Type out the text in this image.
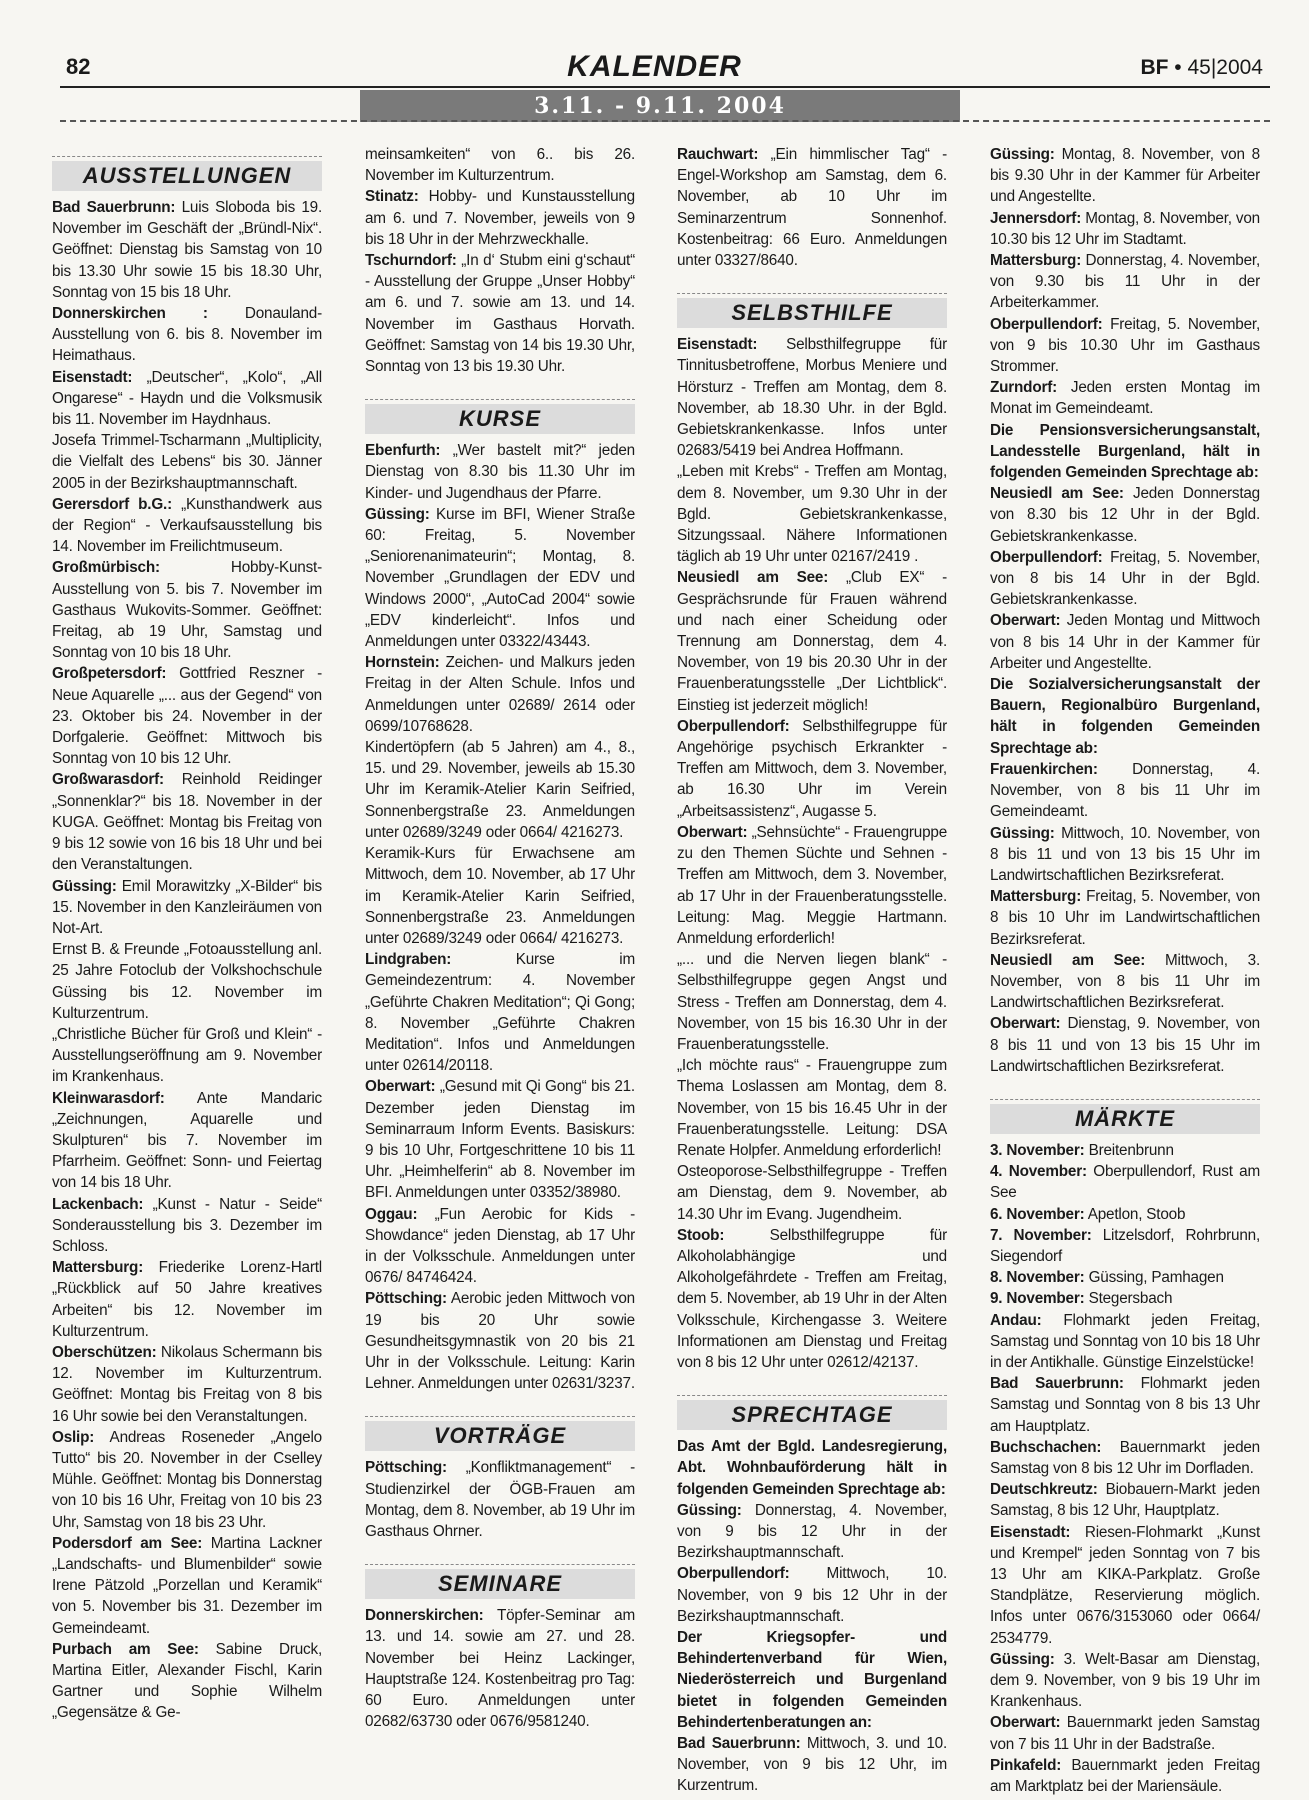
82	KALENDER	BF • 45|2004
3.11. - 9.11. 2004
AUSSTELLUNGEN

Bad Sauerbrunn: Luis Sloboda bis 19. November im Geschäft der „Bründl-Nix“. Geöffnet: Dienstag bis Samstag von 10 bis 13.30 Uhr sowie 15 bis 18.30 Uhr, Sonntag von 15 bis 18 Uhr.

Donnerskirchen : Donauland-Ausstellung von 6. bis 8. November im Heimathaus.

Eisenstadt: „Deutscher“, „Kolo“, „All Ongarese“ - Haydn und die Volksmusik bis 11. November im Haydnhaus.

Josefa Trimmel-Tscharmann „Multiplicity, die Vielfalt des Lebens“ bis 30. Jänner 2005 in der Bezirkshauptmannschaft.

Gerersdorf b.G.: „Kunsthandwerk aus der Region“ - Verkaufsausstellung bis 14. November im Freilichtmuseum.

Großmürbisch: Hobby-Kunst-Ausstellung von 5. bis 7. November im Gasthaus Wukovits-Sommer. Geöffnet: Freitag, ab 19 Uhr, Samstag und Sonntag von 10 bis 18 Uhr.

Großpetersdorf: Gottfried Reszner - Neue Aquarelle „... aus der Gegend“ von 23. Oktober bis 24. November in der Dorfgalerie. Geöffnet: Mittwoch bis Sonntag von 10 bis 12 Uhr.

Großwarasdorf: Reinhold Reidinger „Sonnenklar?“ bis 18. November in der KUGA. Geöffnet: Montag bis Freitag von 9 bis 12 sowie von 16 bis 18 Uhr und bei den Veranstaltungen.

Güssing: Emil Morawitzky „X-Bilder“ bis 15. November in den Kanzleiräumen von Not-Art.

Ernst B. & Freunde „Fotoausstellung anl. 25 Jahre Fotoclub der Volkshochschule Güssing bis 12. November im Kulturzentrum.

„Christliche Bücher für Groß und Klein“ - Ausstellungseröffnung am 9. November im Krankenhaus.

Kleinwarasdorf: Ante Mandaric „Zeichnungen, Aquarelle und Skulpturen“ bis 7. November im Pfarrheim. Geöffnet: Sonn- und Feiertag von 14 bis 18 Uhr.

Lackenbach: „Kunst - Natur - Seide“ Sonderausstellung bis 3. Dezember im Schloss.

Mattersburg: Friederike Lorenz-Hartl „Rückblick auf 50 Jahre kreatives Arbeiten“ bis 12. November im Kulturzentrum.

Oberschützen: Nikolaus Schermann bis 12. November im Kulturzentrum. Geöffnet: Montag bis Freitag von 8 bis 16 Uhr sowie bei den Veranstaltungen.

Oslip: Andreas Roseneder „Angelo Tutto“ bis 20. November in der Cselley Mühle. Geöffnet: Montag bis Donnerstag von 10 bis 16 Uhr, Freitag von 10 bis 23 Uhr, Samstag von 18 bis 23 Uhr.

Podersdorf am See: Martina Lackner „Landschafts- und Blumenbilder“ sowie Irene Pätzold „Porzellan und Keramik“ von 5. November bis 31. Dezember im Gemeindeamt.

Purbach am See: Sabine Druck, Martina Eitler, Alexander Fischl, Karin Gartner und Sophie Wilhelm „Gegensätze & Ge-

meinsamkeiten“ von 6.. bis 26. November im Kulturzentrum.

Stinatz: Hobby- und Kunstausstellung am 6. und 7. November, jeweils von 9 bis 18 Uhr in der Mehrzweckhalle.

Tschurndorf: „In d‘ Stubm eini g‘schaut“ - Ausstellung der Gruppe „Unser Hobby“ am 6. und 7. sowie am 13. und 14. November im Gasthaus Horvath. Geöffnet: Samstag von 14 bis 19.30 Uhr, Sonntag von 13 bis 19.30 Uhr.

KURSE

Ebenfurth: „Wer bastelt mit?“ jeden Dienstag von 8.30 bis 11.30 Uhr im Kinder- und Jugendhaus der Pfarre.

Güssing: Kurse im BFI, Wiener Straße 60: Freitag, 5. November „Seniorenanimateurin“; Montag, 8. November „Grundlagen der EDV und Windows 2000“, „AutoCad 2004“ sowie „EDV kinderleicht“. Infos und Anmeldungen unter 03322/43443.

Hornstein: Zeichen- und Malkurs jeden Freitag in der Alten Schule. Infos und Anmeldungen unter 02689/ 2614 oder 0699/10768628.

Kindertöpfern (ab 5 Jahren) am 4., 8., 15. und 29. November, jeweils ab 15.30 Uhr im Keramik-Atelier Karin Seifried, Sonnenbergstraße 23. Anmeldungen unter 02689/3249 oder 0664/ 4216273.

Keramik-Kurs für Erwachsene am Mittwoch, dem 10. November, ab 17 Uhr im Keramik-Atelier Karin Seifried, Sonnenbergstraße 23. Anmeldungen unter 02689/3249 oder 0664/ 4216273.

Lindgraben: Kurse im Gemeindezentrum: 4. November „Geführte Chakren Meditation“; Qi Gong; 8. November „Geführte Chakren Meditation“. Infos und Anmeldungen unter 02614/20118.

Oberwart: „Gesund mit Qi Gong“ bis 21. Dezember jeden Dienstag im Seminarraum Inform Events. Basiskurs: 9 bis 10 Uhr, Fortgeschrittene 10 bis 11 Uhr. „Heimhelferin“ ab 8. November im BFI. Anmeldungen unter 03352/38980.

Oggau: „Fun Aerobic for Kids - Showdance“ jeden Dienstag, ab 17 Uhr in der Volksschule. Anmeldungen unter 0676/ 84746424.

Pöttsching: Aerobic jeden Mittwoch von 19 bis 20 Uhr sowie Gesundheitsgymnastik von 20 bis 21 Uhr in der Volksschule. Leitung: Karin Lehner. Anmeldungen unter 02631/3237.

VORTRÄGE

Pöttsching: „Konfliktmanagement“ - Studienzirkel der ÖGB-Frauen am Montag, dem 8. November, ab 19 Uhr im Gasthaus Ohrner.

SEMINARE

Donnerskirchen: Töpfer-Seminar am 13. und 14. sowie am 27. und 28. November bei Heinz Lackinger, Hauptstraße 124. Kostenbeitrag pro Tag: 60 Euro. Anmeldungen unter 02682/63730 oder 0676/9581240.

Rauchwart: „Ein himmlischer Tag“ - Engel-Workshop am Samstag, dem 6. November, ab 10 Uhr im Seminarzentrum Sonnenhof. Kostenbeitrag: 66 Euro. Anmeldungen unter 03327/8640.

SELBSTHILFE

Eisenstadt: Selbsthilfegruppe für Tinnitusbetroffene, Morbus Meniere und Hörsturz - Treffen am Montag, dem 8. November, ab 18.30 Uhr. in der Bgld. Gebietskrankenkasse. Infos unter 02683/5419 bei Andrea Hoffmann.

„Leben mit Krebs“ - Treffen am Montag, dem 8. November, um 9.30 Uhr in der Bgld. Gebietskrankenkasse, Sitzungssaal. Nähere Informationen täglich ab 19 Uhr unter 02167/2419 .

Neusiedl am See: „Club EX“ - Gesprächsrunde für Frauen während und nach einer Scheidung oder Trennung am Donnerstag, dem 4. November, von 19 bis 20.30 Uhr in der Frauenberatungsstelle „Der Lichtblick“. Einstieg ist jederzeit möglich!

Oberpullendorf: Selbsthilfegruppe für Angehörige psychisch Erkrankter - Treffen am Mittwoch, dem 3. November, ab 16.30 Uhr im Verein „Arbeitsassistenz“, Augasse 5.

Oberwart: „Sehnsüchte“ - Frauengruppe zu den Themen Süchte und Sehnen - Treffen am Mittwoch, dem 3. November, ab 17 Uhr in der Frauenberatungsstelle. Leitung: Mag. Meggie Hartmann. Anmeldung erforderlich!

„... und die Nerven liegen blank“ - Selbsthilfegruppe gegen Angst und Stress - Treffen am Donnerstag, dem 4. November, von 15 bis 16.30 Uhr in der Frauenberatungsstelle.

„Ich möchte raus“ - Frauengruppe zum Thema Loslassen am Montag, dem 8. November, von 15 bis 16.45 Uhr in der Frauenberatungsstelle. Leitung: DSA Renate Holpfer. Anmeldung erforderlich!

Osteoporose-Selbsthilfegruppe - Treffen am Dienstag, dem 9. November, ab 14.30 Uhr im Evang. Jugendheim.

Stoob: Selbsthilfegruppe für Alkoholabhängige und Alkoholgefährdete - Treffen am Freitag, dem 5. November, ab 19 Uhr in der Alten Volksschule, Kirchengasse 3. Weitere Informationen am Dienstag und Freitag von 8 bis 12 Uhr unter 02612/42137.

SPRECHTAGE

Das Amt der Bgld. Landesregierung, Abt. Wohnbauförderung hält in folgenden Gemeinden Sprechtage ab:

Güssing: Donnerstag, 4. November, von 9 bis 12 Uhr in der Bezirkshauptmannschaft.

Oberpullendorf: Mittwoch, 10. November, von 9 bis 12 Uhr in der Bezirkshauptmannschaft.

Der Kriegsopfer- und Behindertenverband für Wien, Niederösterreich und Burgenland bietet in folgenden Gemeinden Behindertenberatungen an:

Bad Sauerbrunn: Mittwoch, 3. und 10. November, von 9 bis 12 Uhr, im Kurzentrum.

Güssing: Montag, 8. November, von 8 bis 9.30 Uhr in der Kammer für Arbeiter und Angestellte.

Jennersdorf: Montag, 8. November, von 10.30 bis 12 Uhr im Stadtamt.

Mattersburg: Donnerstag, 4. November, von 9.30 bis 11 Uhr in der Arbeiterkammer.

Oberpullendorf: Freitag, 5. November, von 9 bis 10.30 Uhr im Gasthaus Strommer.

Zurndorf: Jeden ersten Montag im Monat im Gemeindeamt.

Die Pensionsversicherungsanstalt, Landesstelle Burgenland, hält in folgenden Gemeinden Sprechtage ab:

Neusiedl am See: Jeden Donnerstag von 8.30 bis 12 Uhr in der Bgld. Gebietskrankenkasse.

Oberpullendorf: Freitag, 5. November, von 8 bis 14 Uhr in der Bgld. Gebietskrankenkasse.

Oberwart: Jeden Montag und Mittwoch von 8 bis 14 Uhr in der Kammer für Arbeiter und Angestellte.

Die Sozialversicherungsanstalt der Bauern, Regionalbüro Burgenland, hält in folgenden Gemeinden Sprechtage ab:

Frauenkirchen: Donnerstag, 4. November, von 8 bis 11 Uhr im Gemeindeamt.

Güssing: Mittwoch, 10. November, von 8 bis 11 und von 13 bis 15 Uhr im Landwirtschaftlichen Bezirksreferat.

Mattersburg: Freitag, 5. November, von 8 bis 10 Uhr im Landwirtschaftlichen Bezirksreferat.

Neusiedl am See: Mittwoch, 3. November, von 8 bis 11 Uhr im Landwirtschaftlichen Bezirksreferat.

Oberwart: Dienstag, 9. November, von 8 bis 11 und von 13 bis 15 Uhr im Landwirtschaftlichen Bezirksreferat.

MÄRKTE

3. November: Breitenbrunn

4. November: Oberpullendorf, Rust am See

6. November: Apetlon, Stoob

7. November: Litzelsdorf, Rohrbrunn, Siegendorf

8. November: Güssing, Pamhagen

9. November: Stegersbach

Andau: Flohmarkt jeden Freitag, Samstag und Sonntag von 10 bis 18 Uhr in der Antikhalle. Günstige Einzelstücke!

Bad Sauerbrunn: Flohmarkt jeden Samstag und Sonntag von 8 bis 13 Uhr am Hauptplatz.

Buchschachen: Bauernmarkt jeden Samstag von 8 bis 12 Uhr im Dorfladen.

Deutschkreutz: Biobauern-Markt jeden Samstag, 8 bis 12 Uhr, Hauptplatz.

Eisenstadt: Riesen-Flohmarkt „Kunst und Krempel“ jeden Sonntag von 7 bis 13 Uhr am KIKA-Parkplatz. Große Standplätze, Reservierung möglich. Infos unter 0676/3153060 oder 0664/ 2534779.

Güssing: 3. Welt-Basar am Dienstag, dem 9. November, von 9 bis 19 Uhr im Krankenhaus.

Oberwart: Bauernmarkt jeden Samstag von 7 bis 11 Uhr in der Badstraße.

Pinkafeld: Bauernmarkt jeden Freitag am Marktplatz bei der Mariensäule.
